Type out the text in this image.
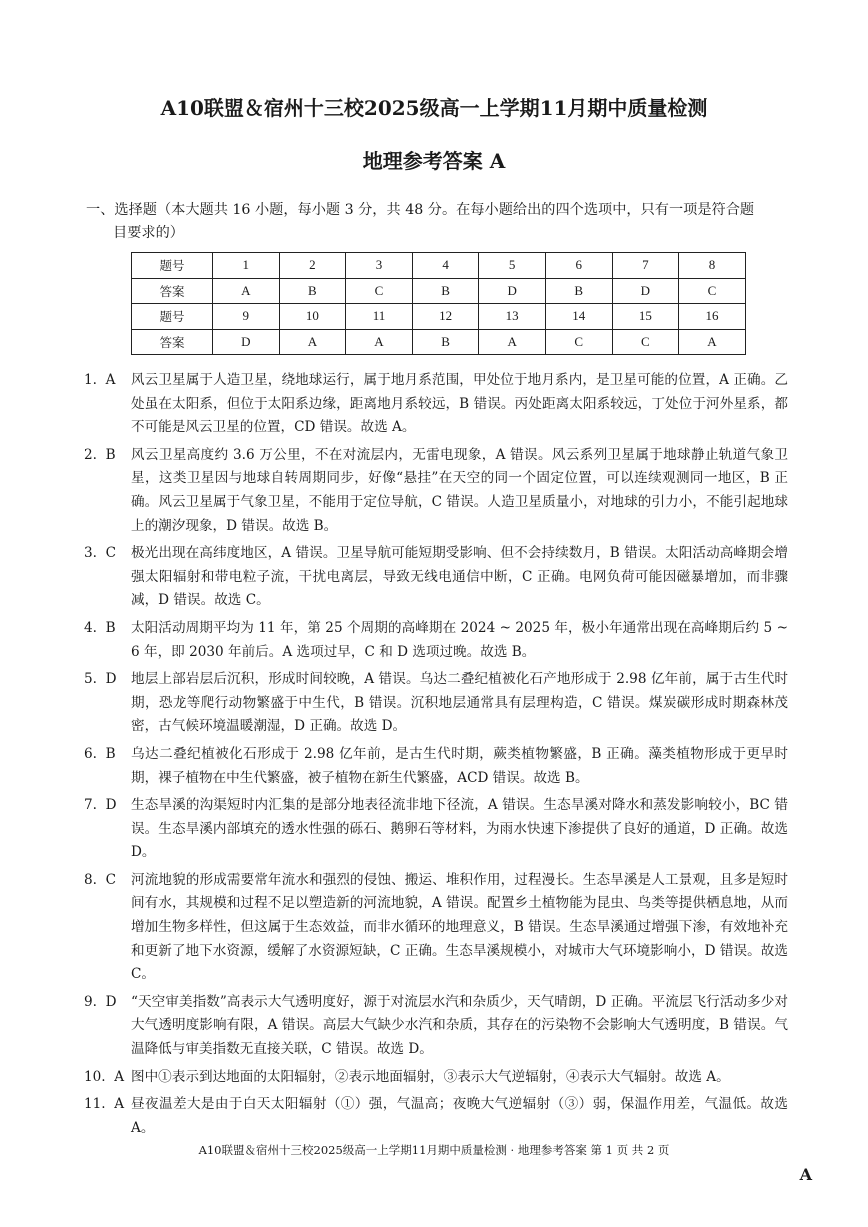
A10联盟＆宿州十三校2025级高一上学期11月期中质量检测
地理参考答案 A
一、选择题（本大题共 16 小题，每小题 3 分，共 48 分。在每小题给出的四个选项中，只有一项是符合题
目要求的）
题号	1	2	3	4	5	6	7	8
答案	A	B	C	B	D	B	D	C
题号	9	10	11	12	13	14	15	16
答案	D	A	A	B	A	C	C	A
1.  A	风云卫星属于人造卫星，绕地球运行，属于地月系范围，甲处位于地月系内，是卫星可能的位置，A 正确。乙处虽在太阳系，但位于太阳系边缘，距离地月系较远，B 错误。丙处距离太阳系较远，丁处位于河外星系，都不可能是风云卫星的位置，CD 错误。故选 A。
2.  B	风云卫星高度约 3.6 万公里，不在对流层内，无雷电现象，A 错误。风云系列卫星属于地球静止轨道气象卫星，这类卫星因与地球自转周期同步，好像“悬挂”在天空的同一个固定位置，可以连续观测同一地区，B 正确。风云卫星属于气象卫星，不能用于定位导航，C 错误。人造卫星质量小，对地球的引力小，不能引起地球上的潮汐现象，D 错误。故选 B。
3.  C	极光出现在高纬度地区，A 错误。卫星导航可能短期受影响、但不会持续数月，B 错误。太阳活动高峰期会增强太阳辐射和带电粒子流，干扰电离层，导致无线电通信中断，C 正确。电网负荷可能因磁暴增加，而非骤减，D 错误。故选 C。
4.  B	太阳活动周期平均为 11 年，第 25 个周期的高峰期在 2024 ~ 2025 年，极小年通常出现在高峰期后约 5 ~ 6 年，即 2030 年前后。A 选项过早，C 和 D 选项过晚。故选 B。
5.  D	地层上部岩层后沉积，形成时间较晚，A 错误。乌达二叠纪植被化石产地形成于 2.98 亿年前，属于古生代时期，恐龙等爬行动物繁盛于中生代，B 错误。沉积地层通常具有层理构造，C 错误。煤炭碳形成时期森林茂密，古气候环境温暖潮湿，D 正确。故选 D。
6.  B	乌达二叠纪植被化石形成于 2.98 亿年前，是古生代时期，蕨类植物繁盛，B 正确。藻类植物形成于更早时期，裸子植物在中生代繁盛，被子植物在新生代繁盛，ACD 错误。故选 B。
7.  D	生态旱溪的沟渠短时内汇集的是部分地表径流非地下径流，A 错误。生态旱溪对降水和蒸发影响较小，BC 错误。生态旱溪内部填充的透水性强的砾石、鹅卵石等材料，为雨水快速下渗提供了良好的通道，D 正确。故选 D。
8.  C	河流地貌的形成需要常年流水和强烈的侵蚀、搬运、堆积作用，过程漫长。生态旱溪是人工景观，且多是短时间有水，其规模和过程不足以塑造新的河流地貌，A 错误。配置乡土植物能为昆虫、鸟类等提供栖息地，从而增加生物多样性，但这属于生态效益，而非水循环的地理意义，B 错误。生态旱溪通过增强下渗，有效地补充和更新了地下水资源，缓解了水资源短缺，C 正确。生态旱溪规模小，对城市大气环境影响小，D 错误。故选 C。
9.  D	“天空审美指数”高表示大气透明度好，源于对流层水汽和杂质少，天气晴朗，D 正确。平流层飞行活动多少对大气透明度影响有限，A 错误。高层大气缺少水汽和杂质，其存在的污染物不会影响大气透明度，B 错误。气温降低与审美指数无直接关联，C 错误。故选 D。
10.  A 图中①表示到达地面的太阳辐射，②表示地面辐射，③表示大气逆辐射，④表示大气辐射。故选 A。
11.  A 昼夜温差大是由于白天太阳辐射（①）强，气温高；夜晚大气逆辐射（③）弱，保温作用差，气温低。故选 A。
A10联盟＆宿州十三校2025级高一上学期11月期中质量检测 · 地理参考答案 第 1 页 共 2 页
A
